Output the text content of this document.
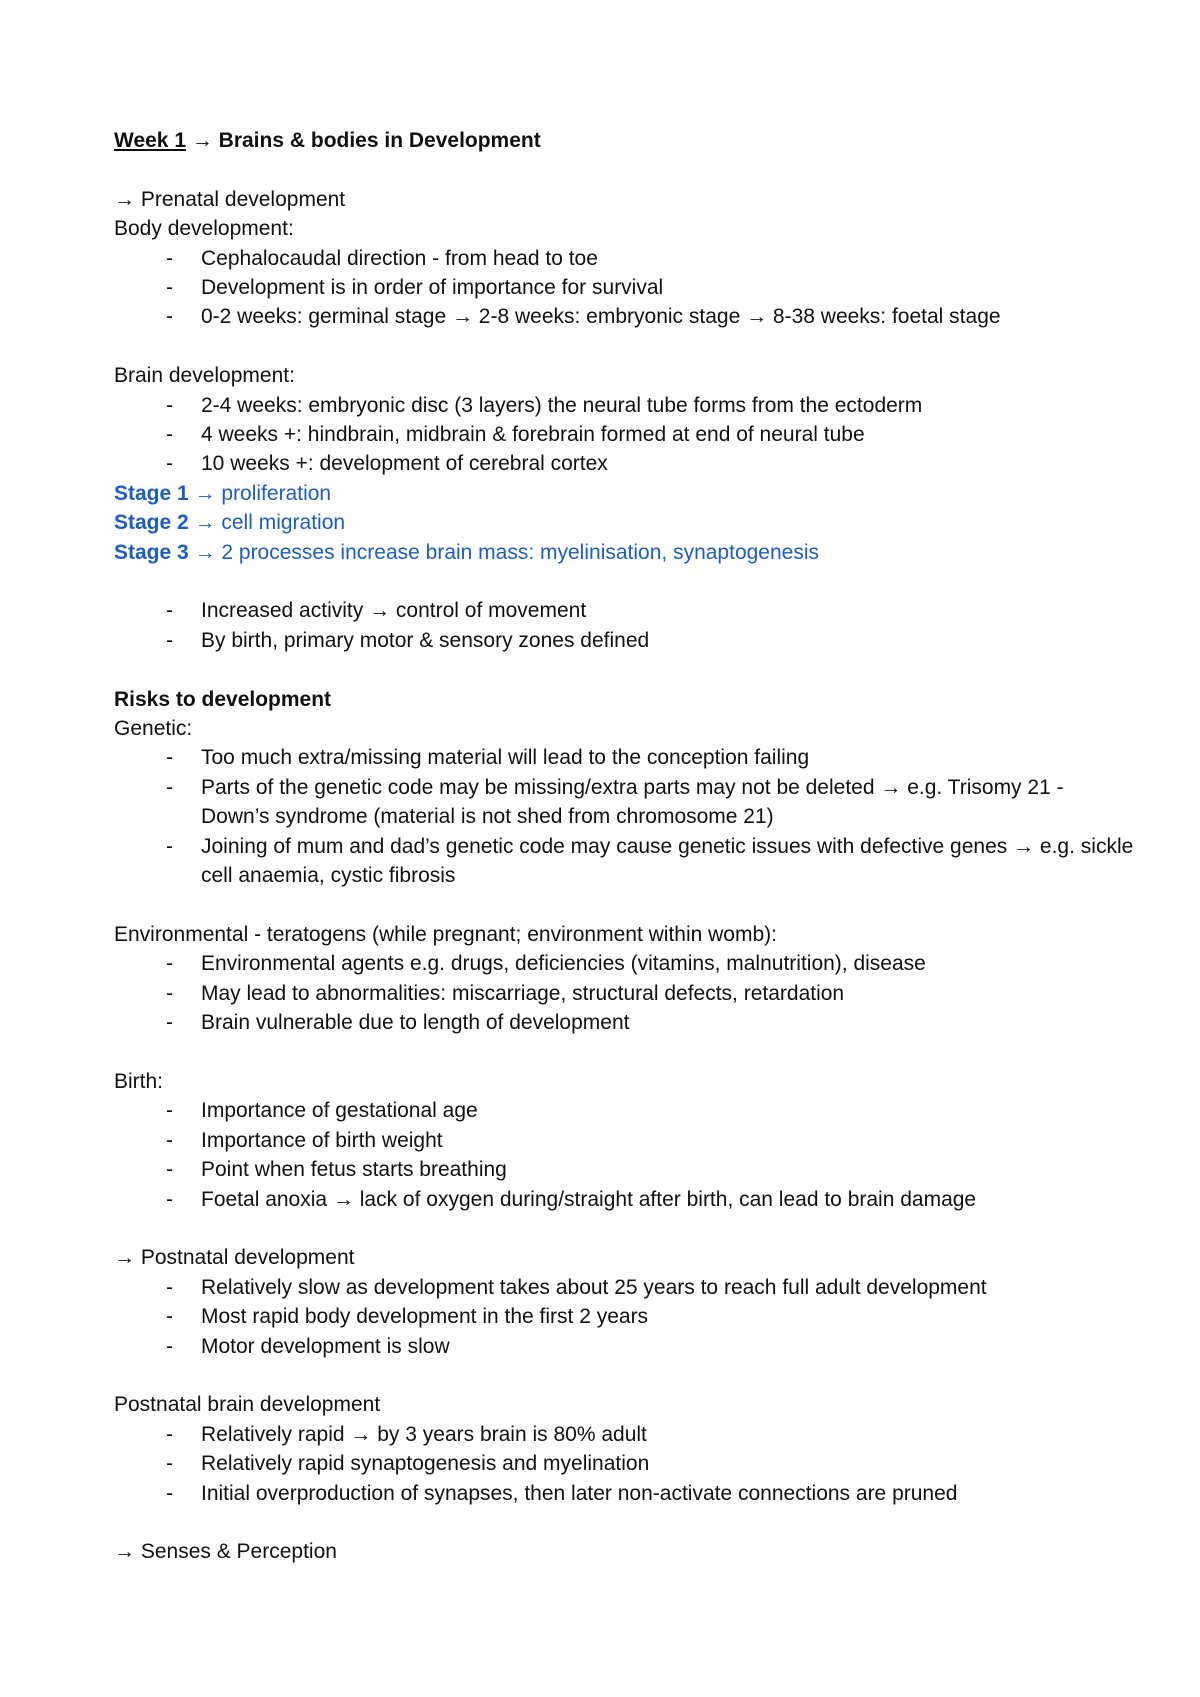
Week 1 → Brains & bodies in Development

→ Prenatal development

Body development:

- Cephalocaudal direction - from head to toe
- Development is in order of importance for survival
- 0-2 weeks: germinal stage → 2-8 weeks: embryonic stage → 8-38 weeks: foetal stage

Brain development:

- 2-4 weeks: embryonic disc (3 layers) the neural tube forms from the ectoderm
- 4 weeks +: hindbrain, midbrain & forebrain formed at end of neural tube
- 10 weeks +: development of cerebral cortex

Stage 1 → proliferation

Stage 2 → cell migration

Stage 3 → 2 processes increase brain mass: myelinisation, synaptogenesis

- Increased activity → control of movement
- By birth, primary motor & sensory zones defined

Risks to development

Genetic:

- Too much extra/missing material will lead to the conception failing
- Parts of the genetic code may be missing/extra parts may not be deleted → e.g. Trisomy 21 - Down’s syndrome (material is not shed from chromosome 21)
- Joining of mum and dad’s genetic code may cause genetic issues with defective genes → e.g. sickle cell anaemia, cystic fibrosis

Environmental - teratogens (while pregnant; environment within womb):

- Environmental agents e.g. drugs, deficiencies (vitamins, malnutrition), disease
- May lead to abnormalities: miscarriage, structural defects, retardation
- Brain vulnerable due to length of development

Birth:

- Importance of gestational age
- Importance of birth weight
- Point when fetus starts breathing
- Foetal anoxia → lack of oxygen during/straight after birth, can lead to brain damage

→ Postnatal development

- Relatively slow as development takes about 25 years to reach full adult development
- Most rapid body development in the first 2 years
- Motor development is slow

Postnatal brain development

- Relatively rapid → by 3 years brain is 80% adult
- Relatively rapid synaptogenesis and myelination
- Initial overproduction of synapses, then later non-activate connections are pruned

→ Senses & Perception
